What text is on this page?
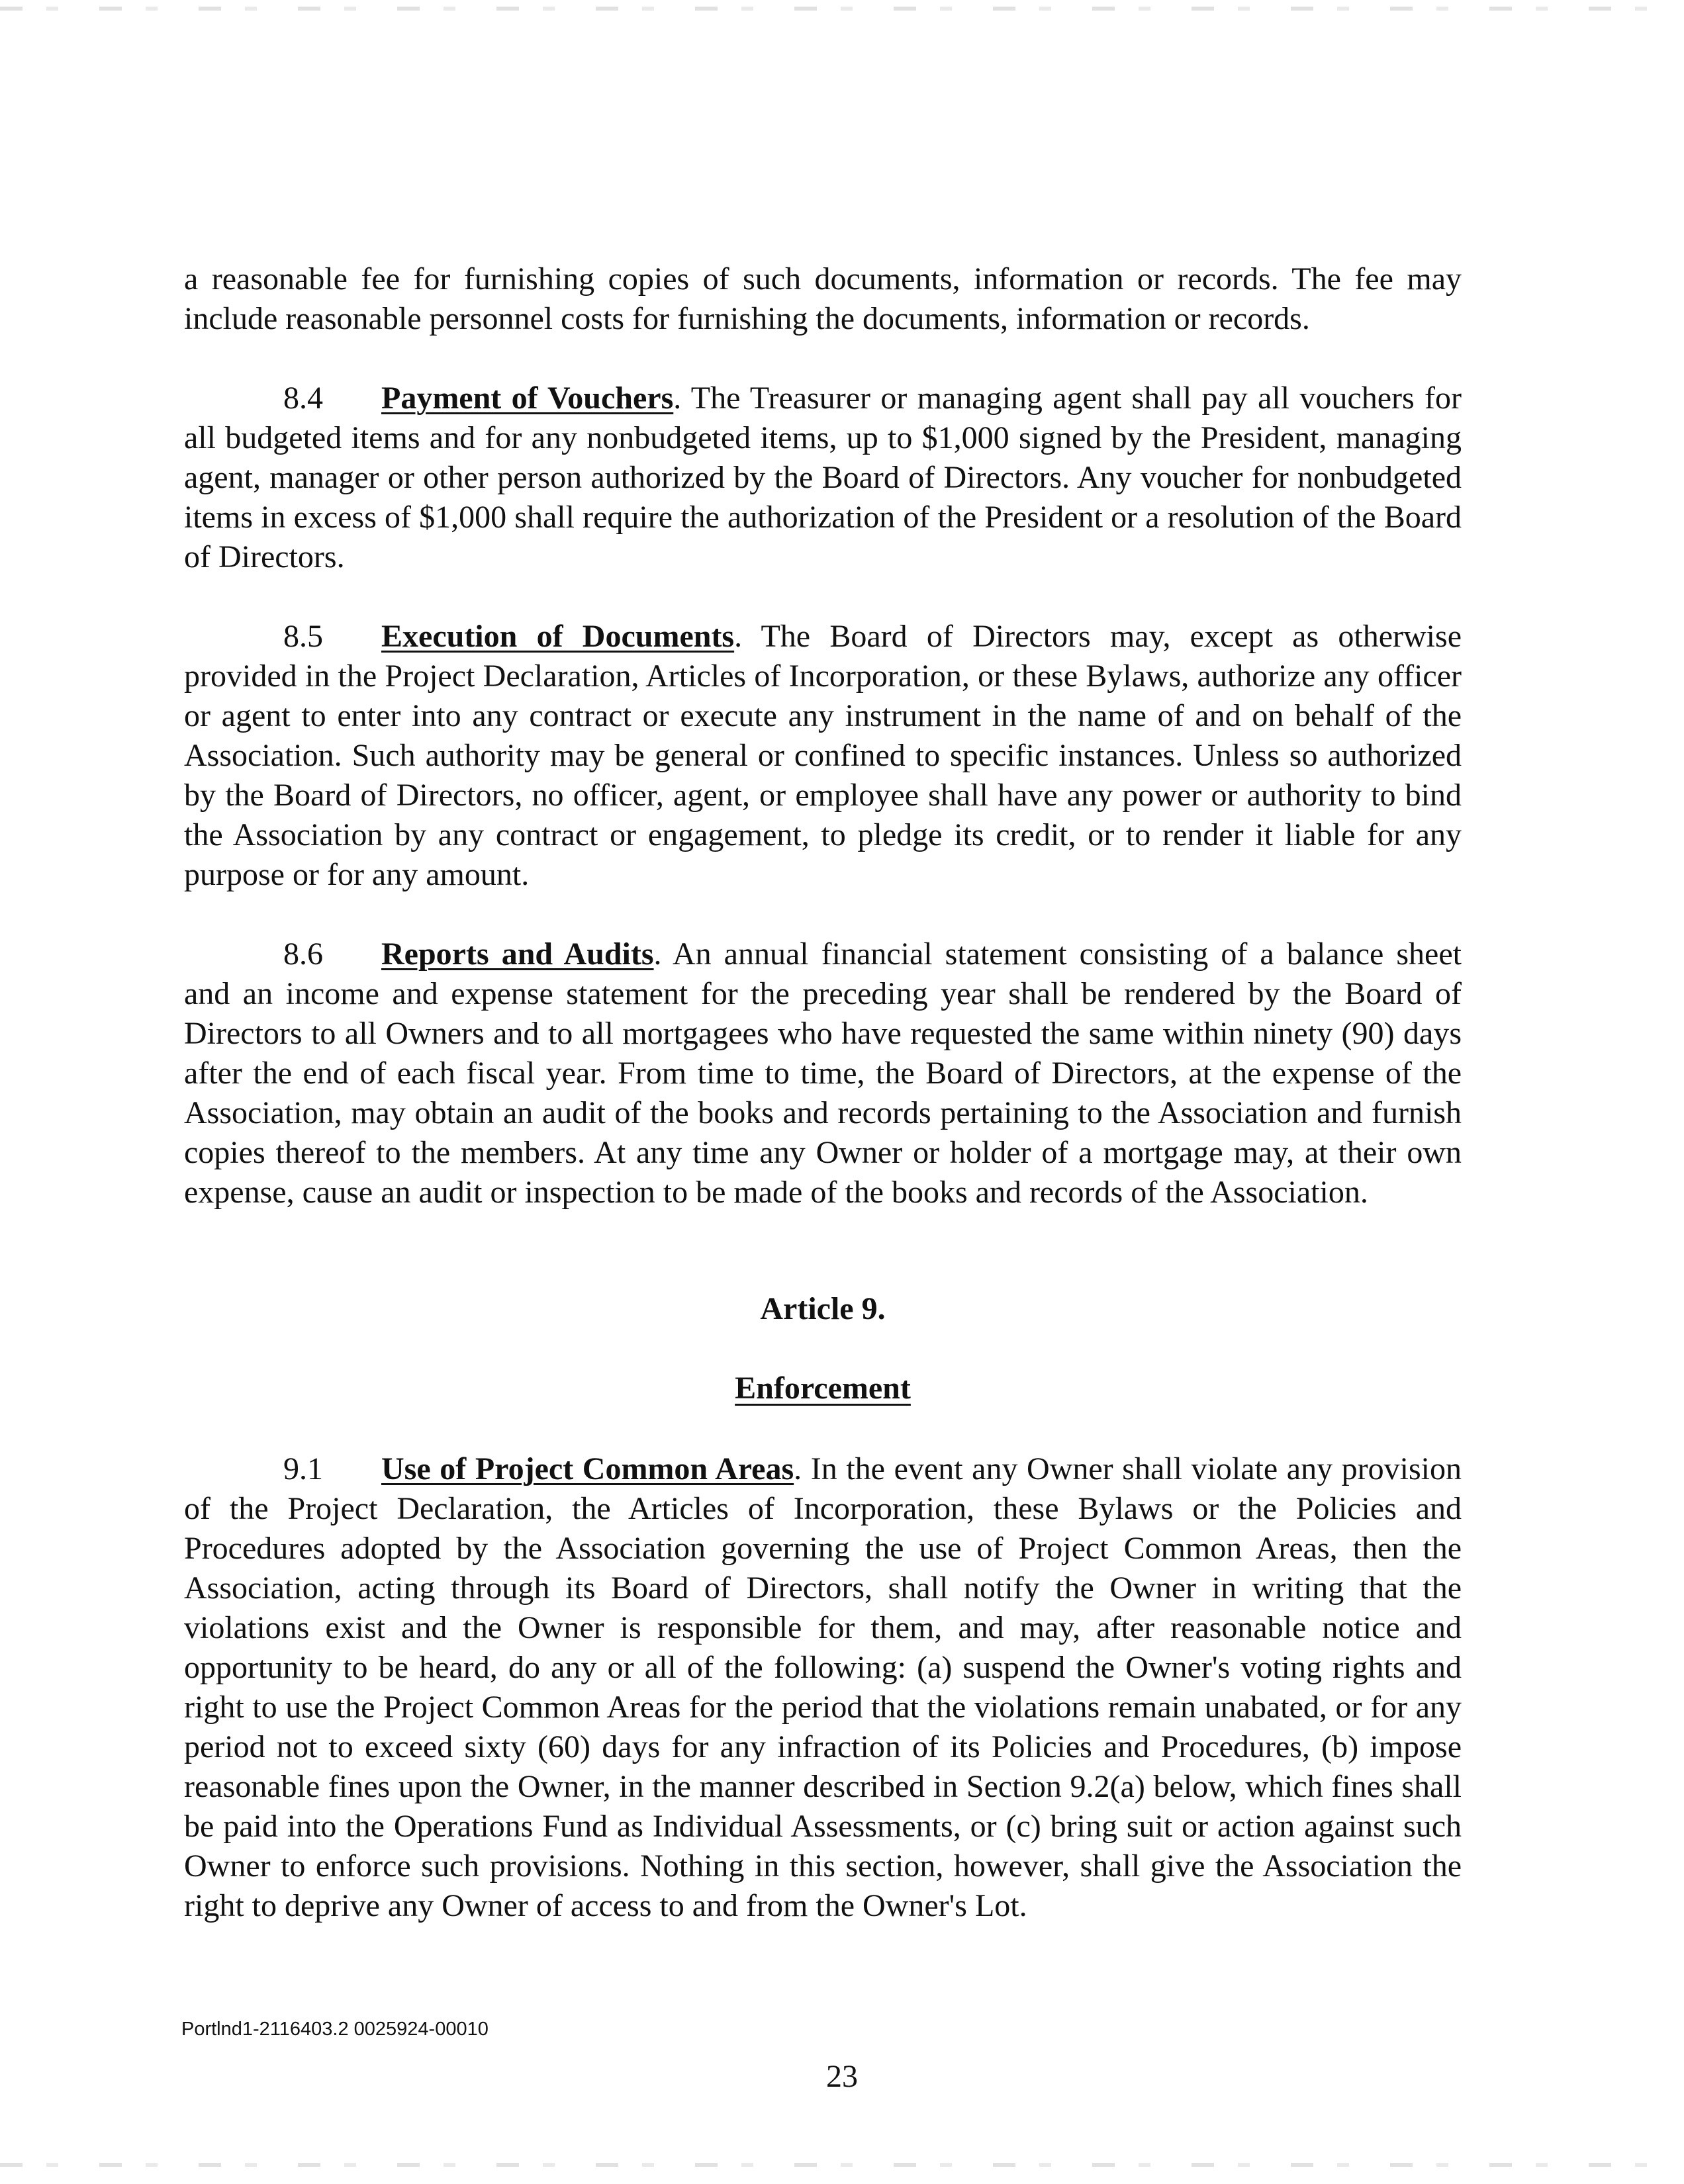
a reasonable fee for furnishing copies of such documents, information or records. The fee may include reasonable personnel costs for furnishing the documents, information or records.

8.4 Payment of Vouchers. The Treasurer or managing agent shall pay all vouchers for all budgeted items and for any nonbudgeted items, up to $1,000 signed by the President, managing agent, manager or other person authorized by the Board of Directors. Any voucher for nonbudgeted items in excess of $1,000 shall require the authorization of the President or a resolution of the Board of Directors.

8.5 Execution of Documents. The Board of Directors may, except as otherwise provided in the Project Declaration, Articles of Incorporation, or these Bylaws, authorize any officer or agent to enter into any contract or execute any instrument in the name of and on behalf of the Association. Such authority may be general or confined to specific instances. Unless so authorized by the Board of Directors, no officer, agent, or employee shall have any power or authority to bind the Association by any contract or engagement, to pledge its credit, or to render it liable for any purpose or for any amount.

8.6 Reports and Audits. An annual financial statement consisting of a balance sheet and an income and expense statement for the preceding year shall be rendered by the Board of Directors to all Owners and to all mortgagees who have requested the same within ninety (90) days after the end of each fiscal year. From time to time, the Board of Directors, at the expense of the Association, may obtain an audit of the books and records pertaining to the Association and furnish copies thereof to the members. At any time any Owner or holder of a mortgage may, at their own expense, cause an audit or inspection to be made of the books and records of the Association.

Article 9.

Enforcement

9.1 Use of Project Common Areas. In the event any Owner shall violate any provision of the Project Declaration, the Articles of Incorporation, these Bylaws or the Policies and Procedures adopted by the Association governing the use of Project Common Areas, then the Association, acting through its Board of Directors, shall notify the Owner in writing that the violations exist and the Owner is responsible for them, and may, after reasonable notice and opportunity to be heard, do any or all of the following: (a) suspend the Owner's voting rights and right to use the Project Common Areas for the period that the violations remain unabated, or for any period not to exceed sixty (60) days for any infraction of its Policies and Procedures, (b) impose reasonable fines upon the Owner, in the manner described in Section 9.2(a) below, which fines shall be paid into the Operations Fund as Individual Assessments, or (c) bring suit or action against such Owner to enforce such provisions. Nothing in this section, however, shall give the Association the right to deprive any Owner of access to and from the Owner's Lot.

Portlnd1-2116403.2 0025924-00010

23
